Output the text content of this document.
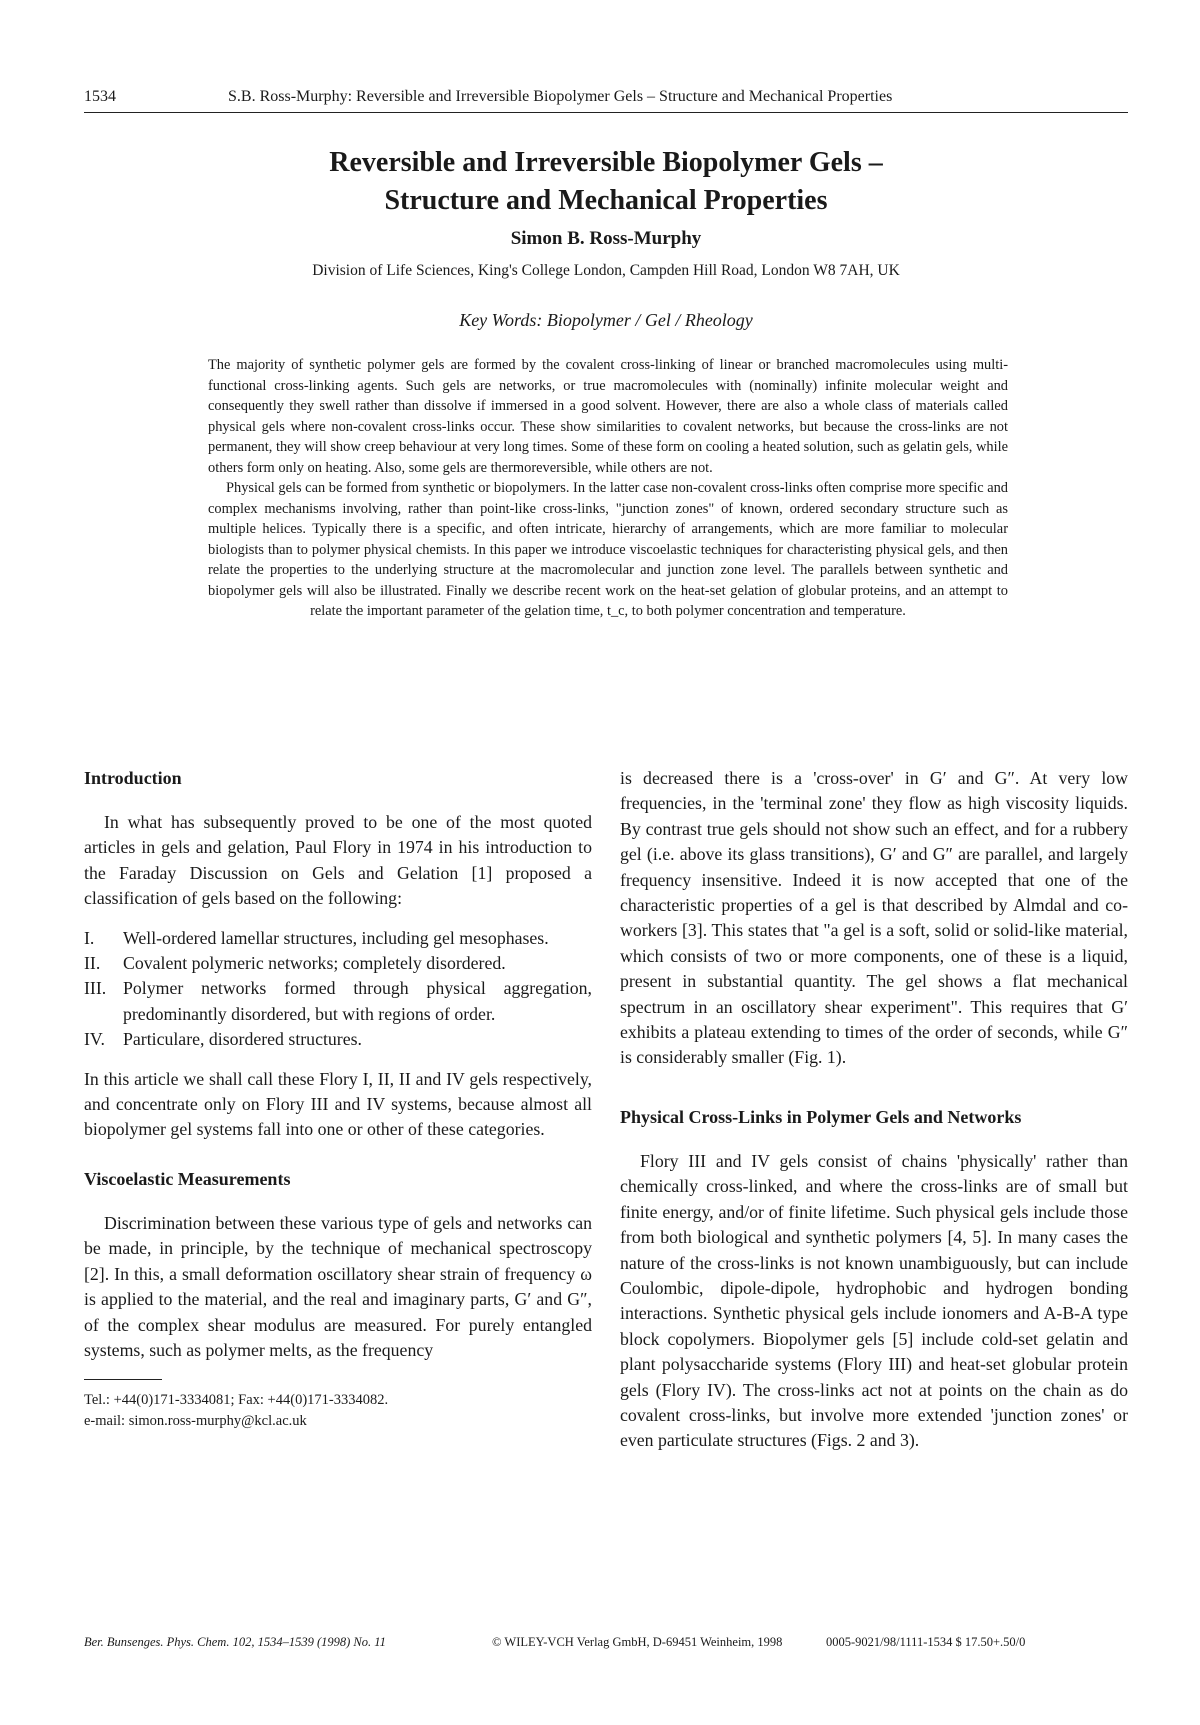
1534	S.B. Ross-Murphy: Reversible and Irreversible Biopolymer Gels – Structure and Mechanical Properties
Reversible and Irreversible Biopolymer Gels –
Structure and Mechanical Properties
Simon B. Ross-Murphy
Division of Life Sciences, King's College London, Campden Hill Road, London W8 7AH, UK
Key Words: Biopolymer / Gel / Rheology

The majority of synthetic polymer gels are formed by the covalent cross-linking of linear or branched macromolecules using multi-functional cross-linking agents. Such gels are networks, or true macromolecules with (nominally) infinite molecular weight and consequently they swell rather than dissolve if immersed in a good solvent. However, there are also a whole class of materials called physical gels where non-covalent cross-links occur. These show similarities to covalent networks, but because the cross-links are not permanent, they will show creep behaviour at very long times. Some of these form on cooling a heated solution, such as gelatin gels, while others form only on heating. Also, some gels are thermoreversible, while others are not.

Physical gels can be formed from synthetic or biopolymers. In the latter case non-covalent cross-links often comprise more specific and complex mechanisms involving, rather than point-like cross-links, "junction zones" of known, ordered secondary structure such as multiple helices. Typically there is a specific, and often intricate, hierarchy of arrangements, which are more familiar to molecular biologists than to polymer physical chemists. In this paper we introduce viscoelastic techniques for characteristing physical gels, and then relate the properties to the underlying structure at the macromolecular and junction zone level. The parallels between synthetic and biopolymer gels will also be illustrated. Finally we describe recent work on the heat-set gelation of globular proteins, and an attempt to relate the important parameter of the gelation time, t_c, to both polymer concentration and temperature.

Introduction

In what has subsequently proved to be one of the most quoted articles in gels and gelation, Paul Flory in 1974 in his introduction to the Faraday Discussion on Gels and Gelation [1] proposed a classification of gels based on the following:

I. Well-ordered lamellar structures, including gel mesophases.
II. Covalent polymeric networks; completely disordered.
III. Polymer networks formed through physical aggregation, predominantly disordered, but with regions of order.
IV. Particulare, disordered structures.

In this article we shall call these Flory I, II, II and IV gels respectively, and concentrate only on Flory III and IV systems, because almost all biopolymer gel systems fall into one or other of these categories.

Viscoelastic Measurements

Discrimination between these various type of gels and networks can be made, in principle, by the technique of mechanical spectroscopy [2]. In this, a small deformation oscillatory shear strain of frequency ω is applied to the material, and the real and imaginary parts, G′ and G″, of the complex shear modulus are measured. For purely entangled systems, such as polymer melts, as the frequency

Tel.: +44(0)171-3334081; Fax: +44(0)171-3334082.
e-mail: simon.ross-murphy@kcl.ac.uk

is decreased there is a 'cross-over' in G′ and G″. At very low frequencies, in the 'terminal zone' they flow as high viscosity liquids. By contrast true gels should not show such an effect, and for a rubbery gel (i.e. above its glass transitions), G′ and G″ are parallel, and largely frequency insensitive. Indeed it is now accepted that one of the characteristic properties of a gel is that described by Almdal and co-workers [3]. This states that "a gel is a soft, solid or solid-like material, which consists of two or more components, one of these is a liquid, present in substantial quantity. The gel shows a flat mechanical spectrum in an oscillatory shear experiment". This requires that G′ exhibits a plateau extending to times of the order of seconds, while G″ is considerably smaller (Fig. 1).

Physical Cross-Links in Polymer Gels and Networks

Flory III and IV gels consist of chains 'physically' rather than chemically cross-linked, and where the cross-links are of small but finite energy, and/or of finite lifetime. Such physical gels include those from both biological and synthetic polymers [4, 5]. In many cases the nature of the cross-links is not known unambiguously, but can include Coulombic, dipole-dipole, hydrophobic and hydrogen bonding interactions. Synthetic physical gels include ionomers and A-B-A type block copolymers. Biopolymer gels [5] include cold-set gelatin and plant polysaccharide systems (Flory III) and heat-set globular protein gels (Flory IV). The cross-links act not at points on the chain as do covalent cross-links, but involve more extended 'junction zones' or even particulate structures (Figs. 2 and 3).

Ber. Bunsenges. Phys. Chem. 102, 1534–1539 (1998) No. 11	© WILEY-VCH Verlag GmbH, D-69451 Weinheim, 1998	0005-9021/98/1111-1534 $ 17.50+.50/0
